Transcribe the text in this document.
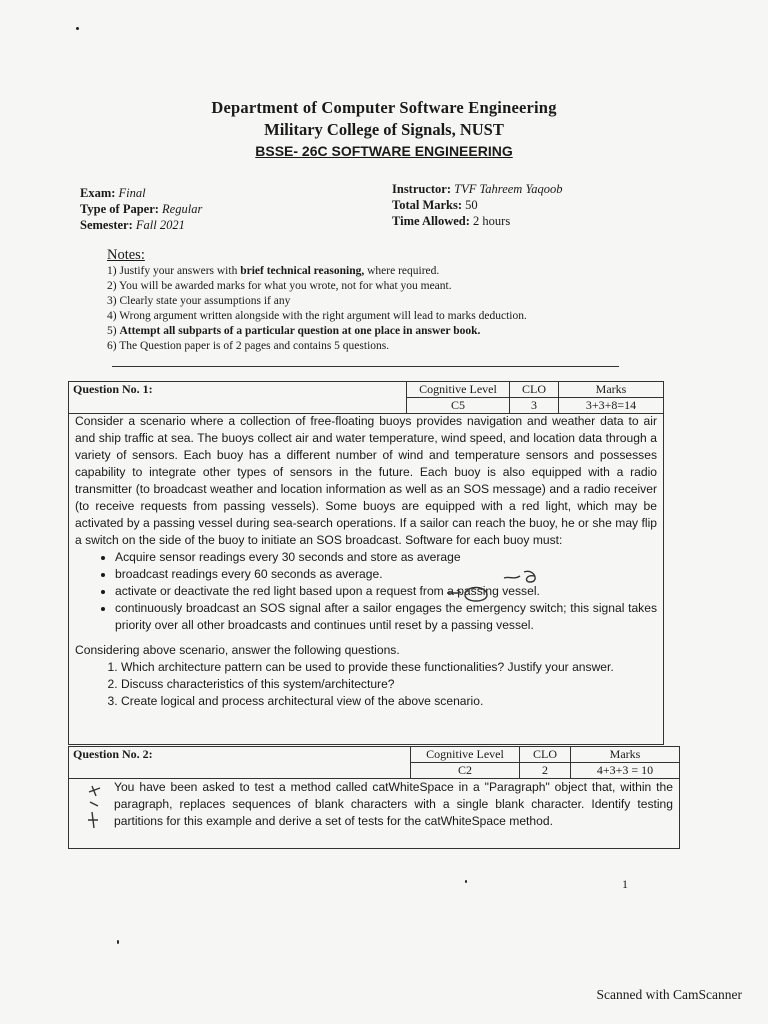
Department of Computer Software Engineering
Military College of Signals, NUST
BSSE- 26C SOFTWARE ENGINEERING
Exam: Final
Type of Paper: Regular
Semester: Fall 2021
Instructor: TVF Tahreem Yaqoob
Total Marks: 50
Time Allowed: 2 hours
Notes:
1) Justify your answers with brief technical reasoning, where required.
2) You will be awarded marks for what you wrote, not for what you meant.
3) Clearly state your assumptions if any
4) Wrong argument written alongside with the right argument will lead to marks deduction.
5) Attempt all subparts of a particular question at one place in answer book.
6) The Question paper is of 2 pages and contains 5 questions.
Question No. 1:	Cognitive Level	CLO	Marks
	C5	3	3+3+8=14

Consider a scenario where a collection of free-floating buoys provides navigation and weather data to air and ship traffic at sea. The buoys collect air and water temperature, wind speed, and location data through a variety of sensors. Each buoy has a different number of wind and temperature sensors and possesses capability to integrate other types of sensors in the future. Each buoy is also equipped with a radio transmitter (to broadcast weather and location information as well as an SOS message) and a radio receiver (to receive requests from passing vessels). Some buoys are equipped with a red light, which may be activated by a passing vessel during sea-search operations. If a sailor can reach the buoy, he or she may flip a switch on the side of the buoy to initiate an SOS broadcast. Software for each buoy must:

• Acquire sensor readings every 30 seconds and store as average
• broadcast readings every 60 seconds as average.
• activate or deactivate the red light based upon a request from a passing vessel.
• continuously broadcast an SOS signal after a sailor engages the emergency switch; this signal takes priority over all other broadcasts and continues until reset by a passing vessel.

Considering above scenario, answer the following questions.

1. Which architecture pattern can be used to provide these functionalities? Justify your answer.
2. Discuss characteristics of this system/architecture?
3. Create logical and process architectural view of the above scenario.
Question No. 2:	Cognitive Level	CLO	Marks
	C2	2	4+3+3 = 10

You have been asked to test a method called catWhiteSpace in a "Paragraph" object that, within the paragraph, replaces sequences of blank characters with a single blank character. Identify testing partitions for this example and derive a set of tests for the catWhiteSpace method.

1
Scanned with CamScanner
